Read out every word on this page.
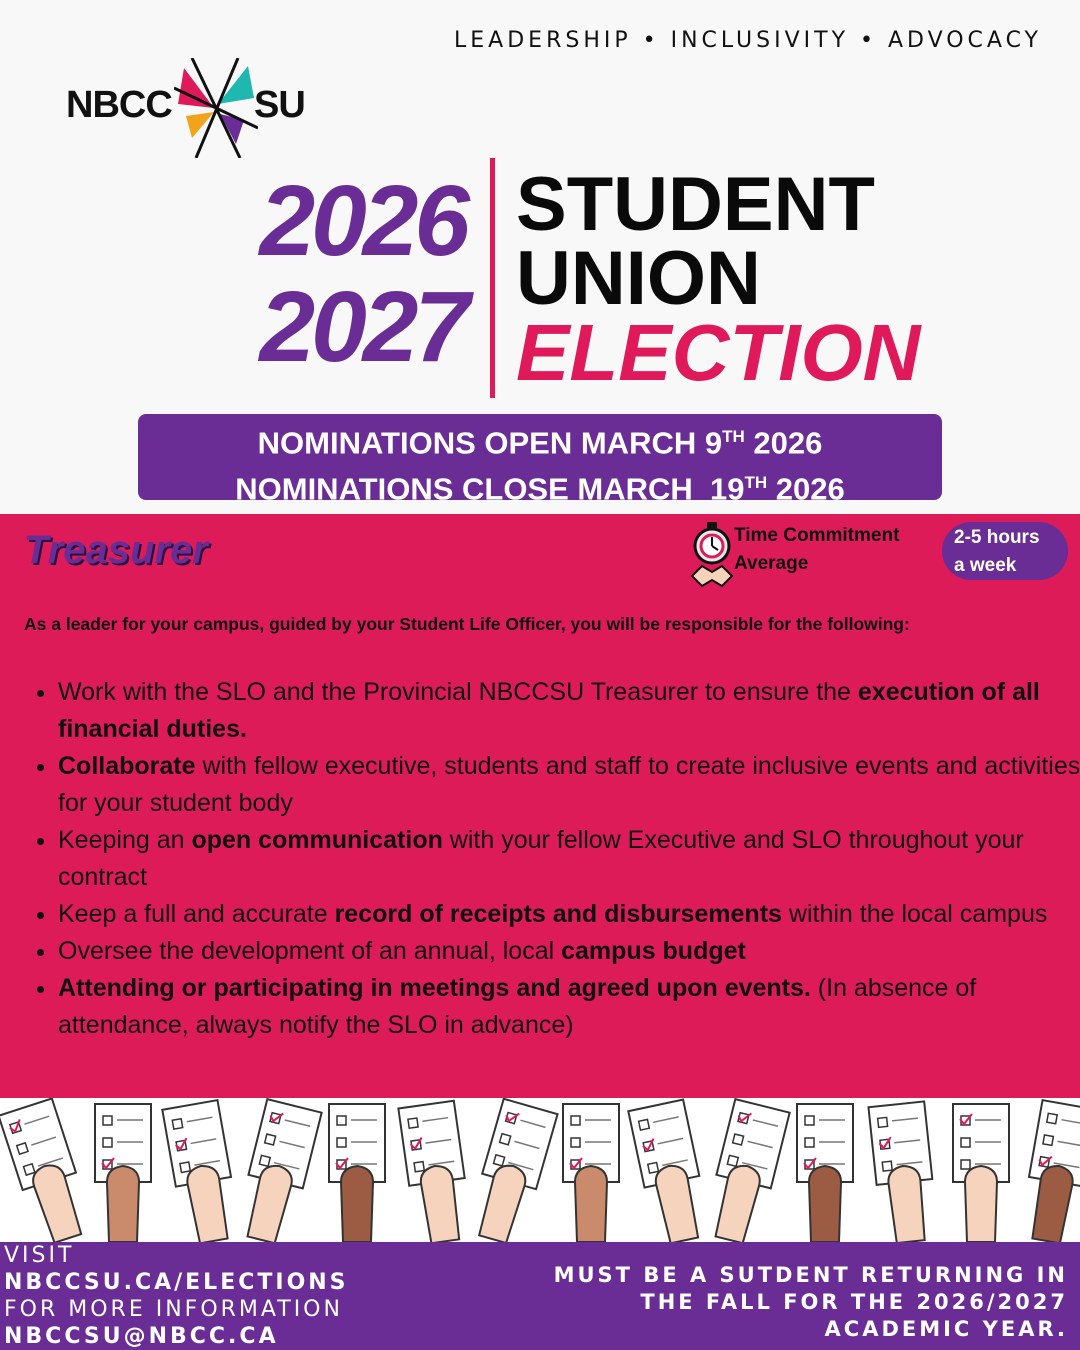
LEADERSHIP • INCLUSIVITY • ADVOCACY
NBCC SU
2026
2027
STUDENT
UNION
ELECTION
NOMINATIONS OPEN MARCH 9TH 2026
NOMINATIONS CLOSE MARCH  19TH 2026
Treasurer	Time Commitment
Average
2-5 hours
a week
As a leader for your campus, guided by your Student Life Officer, you will be responsible for the following:
• Work with the SLO and the Provincial NBCCSU Treasurer to ensure the execution of all financial duties.
• Collaborate with fellow executive, students and staff to create inclusive events and activities for your student body
• Keeping an open communication with your fellow Executive and SLO throughout your contract
• Keep a full and accurate record of receipts and disbursements within the local campus
• Oversee the development of an annual, local campus budget
• Attending or participating in meetings and agreed upon events. (In absence of attendance, always notify the SLO in advance)
VISIT
NBCCSU.CA/ELECTIONS
FOR MORE INFORMATION
NBCCSU@NBCC.CA
MUST BE A SUTDENT RETURNING IN THE FALL FOR THE 2026/2027 ACADEMIC YEAR.
